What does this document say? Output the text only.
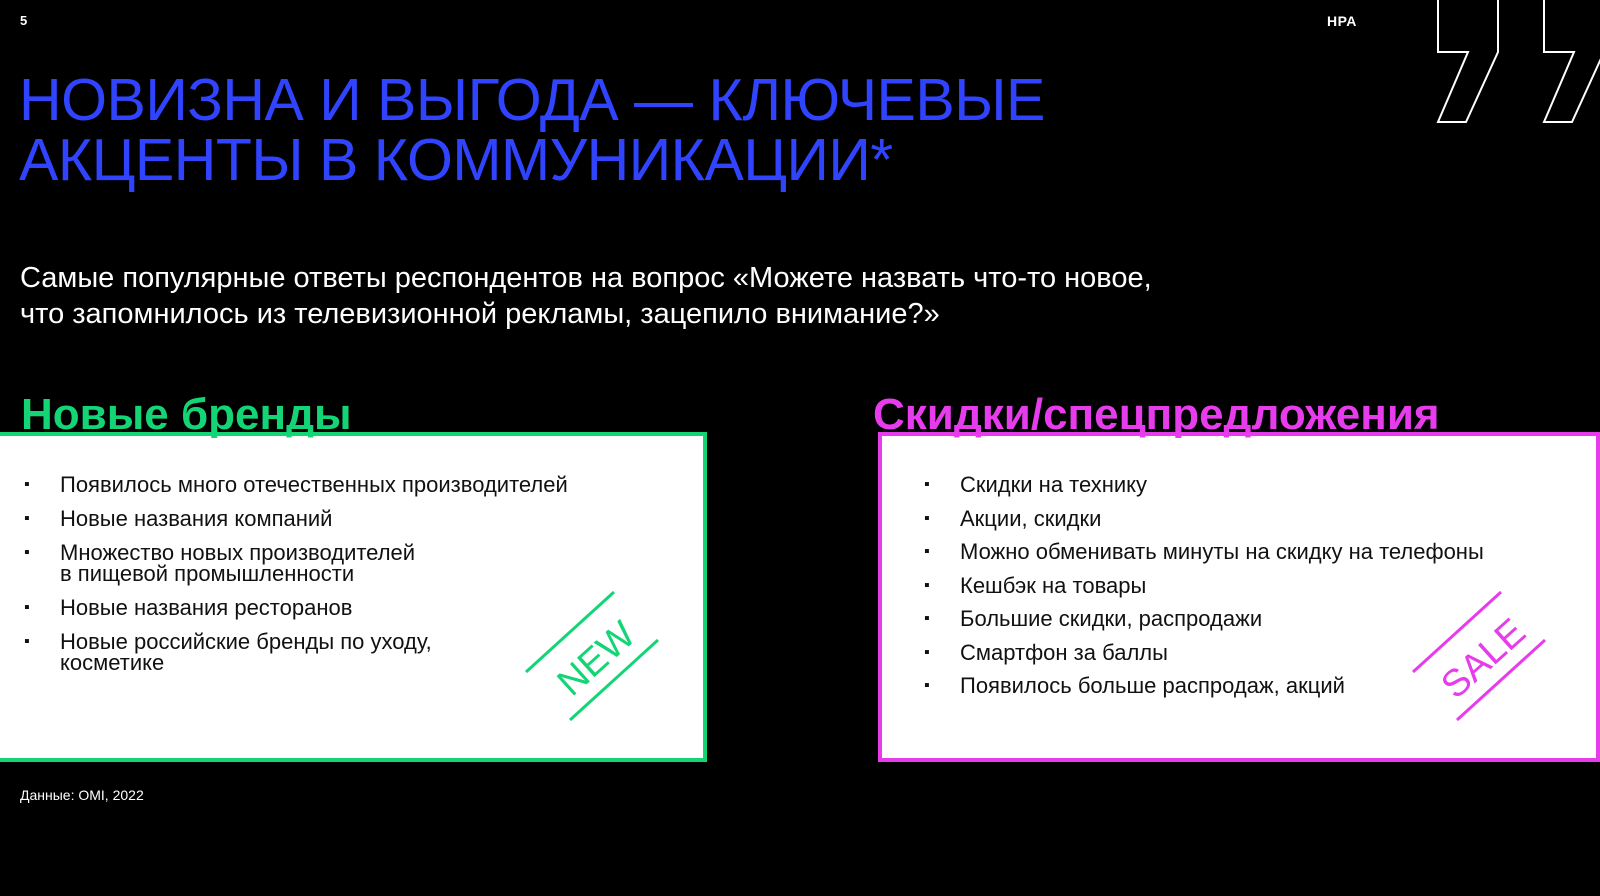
5	НРА
НОВИЗНА И ВЫГОДА — КЛЮЧЕВЫЕ
АКЦЕНТЫ В КОММУНИКАЦИИ*

Самые популярные ответы респондентов на вопрос «Можете назвать что-то новое,
что запомнилось из телевизионной рекламы, зацепило внимание?»

Новые бренды
▪ Появилось много отечественных производителей
▪ Новые названия компаний
▪ Множество новых производителей
в пищевой промышленности
▪ Новые названия ресторанов
▪ Новые российские бренды по уходу,
косметике	NEW
Скидки/спецпредложения
▪ Скидки на технику
▪ Акции, скидки
▪ Можно обменивать минуты на скидку на телефоны
▪ Кешбэк на товары
▪ Большие скидки, распродажи
▪ Смартфон за баллы
▪ Появилось больше распродаж, акций	SALE
Данные: OMI, 2022
